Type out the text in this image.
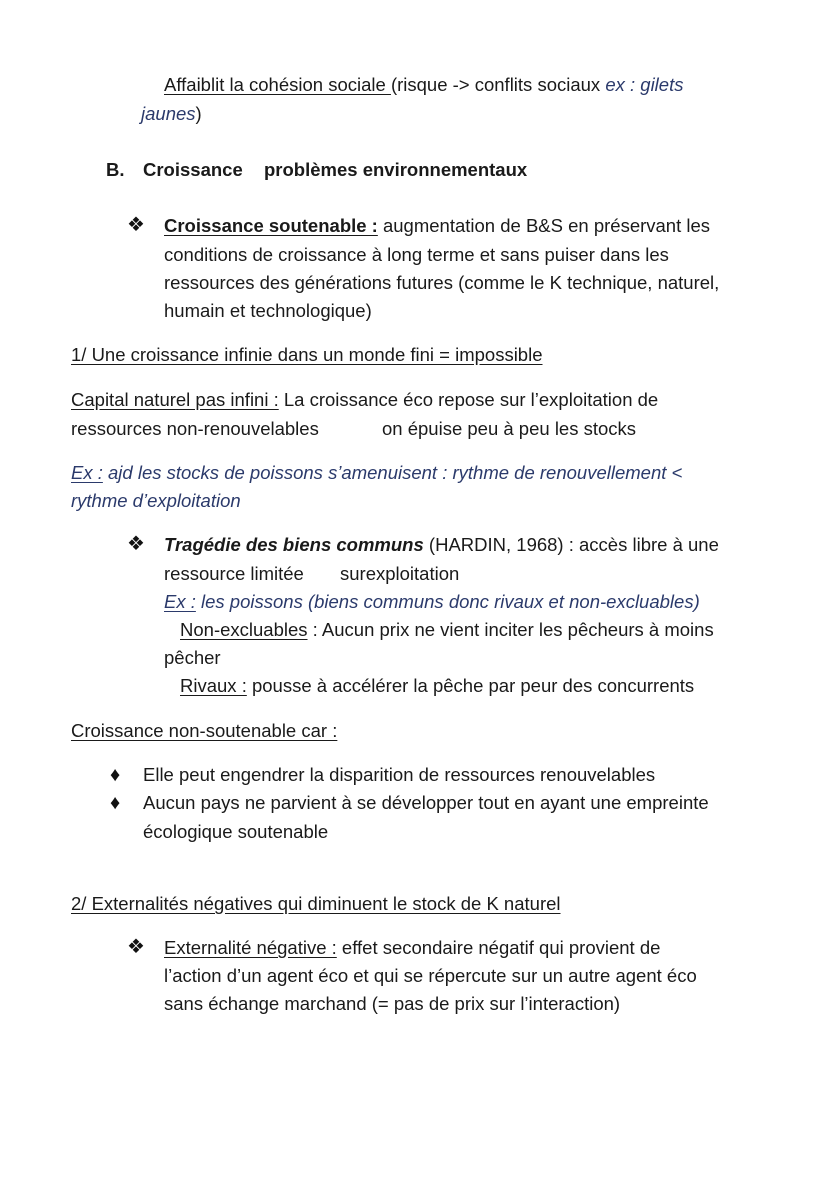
Affaiblit la cohésion sociale (risque -> conflits sociaux ex : gilets
jaunes)
B. Croissance problèmes environnementaux
❖ Croissance soutenable : augmentation de B&S en préservant les
conditions de croissance à long terme et sans puiser dans les
ressources des générations futures (comme le K technique, naturel,
humain et technologique)
1/ Une croissance infinie dans un monde fini = impossible
Capital naturel pas infini : La croissance éco repose sur l’exploitation de
ressources non-renouvelables	on épuise peu à peu les stocks
Ex : ajd les stocks de poissons s’amenuisent : rythme de renouvellement <
rythme d’exploitation
❖ Tragédie des biens communs (HARDIN, 1968) : accès libre à une
ressource limitée surexploitation
Ex : les poissons (biens communs donc rivaux et non-excluables)
Non-excluables : Aucun prix ne vient inciter les pêcheurs à moins
pêcher
Rivaux : pousse à accélérer la pêche par peur des concurrents
Croissance non-soutenable car :
♦ Elle peut engendrer la disparition de ressources renouvelables
♦ Aucun pays ne parvient à se développer tout en ayant une empreinte
écologique soutenable
2/ Externalités négatives qui diminuent le stock de K naturel
❖ Externalité négative : effet secondaire négatif qui provient de
l’action d’un agent éco et qui se répercute sur un autre agent éco
sans échange marchand (= pas de prix sur l’interaction)
